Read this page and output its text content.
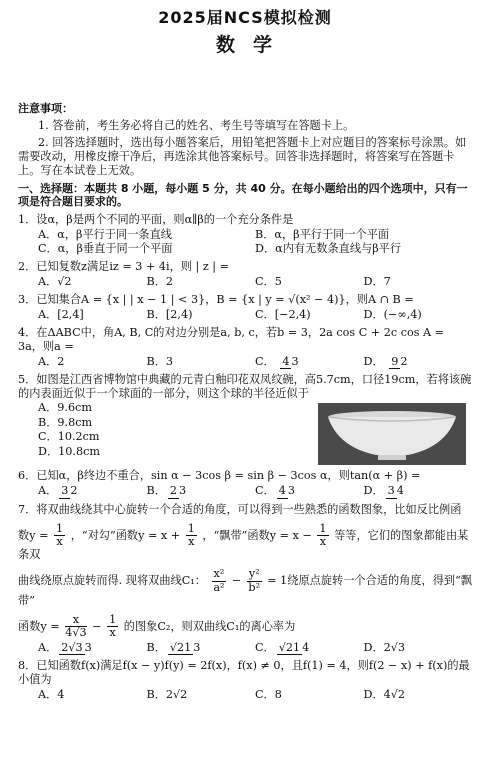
2025届NCS模拟检测
数学
注意事项：
1. 答卷前，考生务必将自己的姓名、考生号等填写在答题卡上。
2. 回答选择题时，选出每小题答案后，用铅笔把答题卡上对应题目的答案标号涂黑。如需要改动，用橡皮擦干净后，再选涂其他答案标号。回答非选择题时，将答案写在答题卡上。写在本试卷上无效。
一、选择题：本题共 8 小题，每小题 5 分，共 40 分。在每小题给出的四个选项中，只有一项是符合题目要求的。
1．设α，β是两个不同的平面，则α∥β的一个充分条件是
A．α，β平行于同一条直线	B．α，β平行于同一个平面
C．α，β垂直于同一个平面	D．α内有无数条直线与β平行
2．已知复数z满足iz = 3 + 4i，则 | z | =
A．√2	B．2	C．5	D．7
3．已知集合A = {x | | x − 1 | < 3}，B = {x | y = √(x² − 4)}，则A ∩ B =
A．[2,4]	B．[2,4)	C．[−2,4)	D．(−∞,4)
4．在ΔABC中，角A, B, C的对边分别是a, b, c，若b = 3，2a cos C + 2c cos A = 3a，则a =
A．2	B．3	C． 4 3	D． 9 2
5．如图是江西省博物馆中典藏的元青白釉印花双凤纹碗，高5.7cm，口径19cm，若将该碗的内表面近似于一个球面的一部分，则这个球的半径近似于
A．9.6cm
B．9.8cm
C．10.2cm
D．10.8cm
6．已知α，β终边不重合，sin α − 3cos β = sin β − 3cos α，则tan(α + β) =
A． 3 2	B． 2 3	C． 4 3	D． 3 4
7．将双曲线绕其中心旋转一个合适的角度，可以得到一些熟悉的函数图象，比如反比例函
数$y = \frac{1}{x}$ ，“对勾”函数$y = x + \frac{1}{x}$ ，“飘带”函数$y = x - \frac{1}{x}$ 等等，它们的图象都能由某条双
曲线绕原点旋转而得. 现将双曲线C₁： $\frac{\text{x²}}{\text{a²}} - \frac{\text{y²}}{\text{b²}} = 1$绕原点旋转一个合适的角度，得到“飘带”
函数$y = \frac{x}{4√3} - \frac{1}{x}$ 的图象C₂，则双曲线C₁的离心率为
A． 2√3 3	B． √21 3	C． √21 4	D．2√3
8．已知函数f(x)满足f(x − y)f(y) = 2f(x)，f(x) ≠ 0，且f(1) = 4，则f(2 − x) + f(x)的最小值为
A．4	B．2√2	C．8	D．4√2
